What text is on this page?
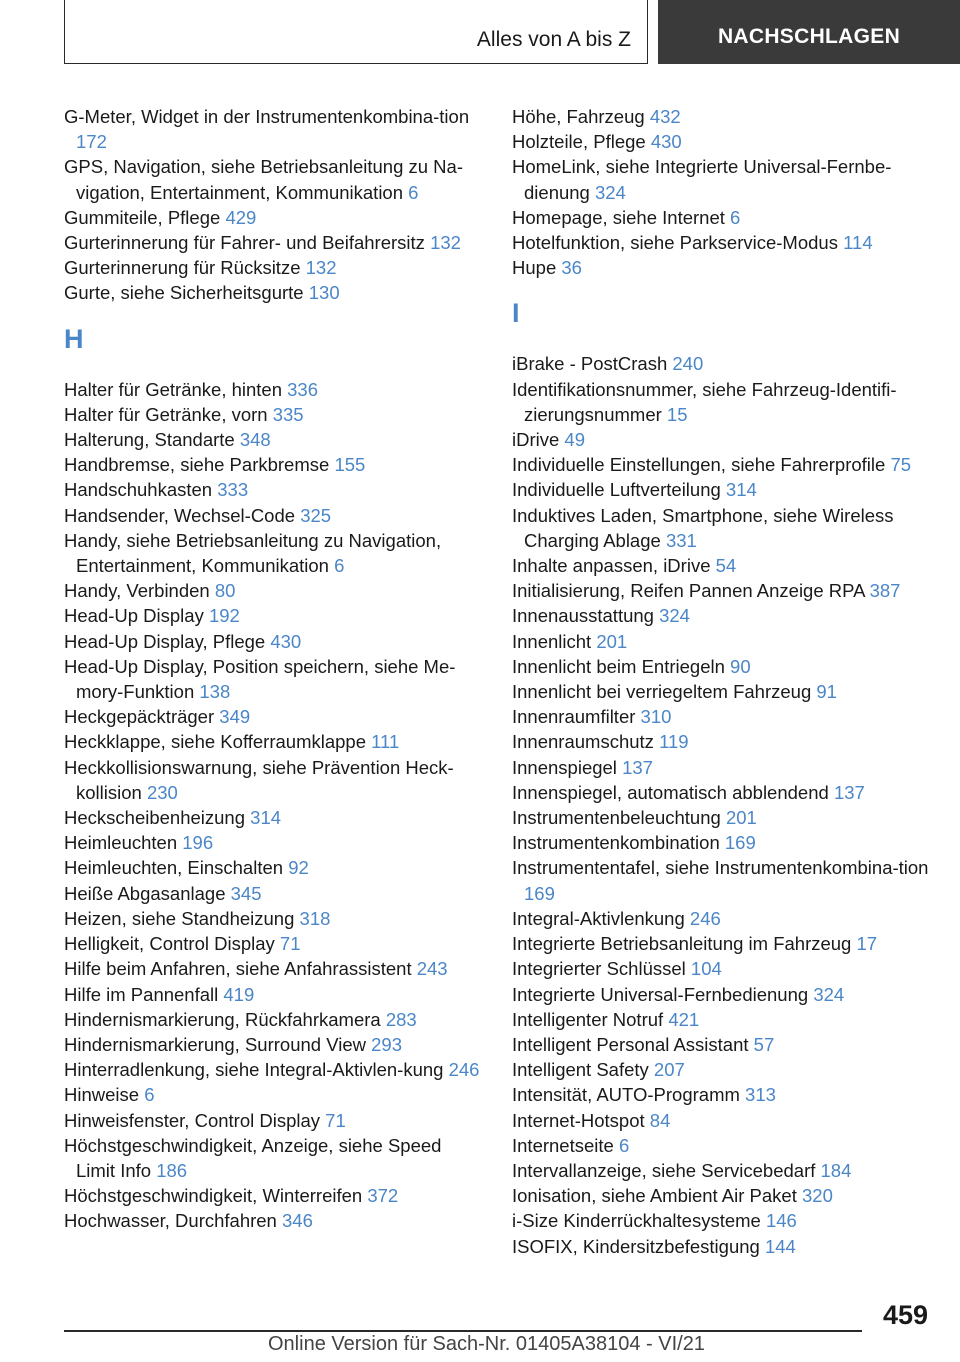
Alles von A bis Z	NACHSCHLAGEN
G-Meter, Widget in der Instrumentenkombina-tion 172
GPS, Navigation, siehe Betriebsanleitung zu Na-vigation, Entertainment, Kommunikation 6
Gummiteile, Pflege 429
Gurterinnerung für Fahrer- und Beifahrersitz 132
Gurterinnerung für Rücksitze 132
Gurte, siehe Sicherheitsgurte 130
H
Halter für Getränke, hinten 336
Halter für Getränke, vorn 335
Halterung, Standarte 348
Handbremse, siehe Parkbremse 155
Handschuhkasten 333
Handsender, Wechsel-Code 325
Handy, siehe Betriebsanleitung zu Navigation, Entertainment, Kommunikation 6
Handy, Verbinden 80
Head-Up Display 192
Head-Up Display, Pflege 430
Head-Up Display, Position speichern, siehe Me-mory-Funktion 138
Heckgepäckträger 349
Heckklappe, siehe Kofferraumklappe 111
Heckkollisionswarnung, siehe Prävention Heck-kollision 230
Heckscheibenheizung 314
Heimleuchten 196
Heimleuchten, Einschalten 92
Heiße Abgasanlage 345
Heizen, siehe Standheizung 318
Helligkeit, Control Display 71
Hilfe beim Anfahren, siehe Anfahrassistent 243
Hilfe im Pannenfall 419
Hindernismarkierung, Rückfahrkamera 283
Hindernismarkierung, Surround View 293
Hinterradlenkung, siehe Integral-Aktivlen-kung 246
Hinweise 6
Hinweisfenster, Control Display 71
Höchstgeschwindigkeit, Anzeige, siehe Speed Limit Info 186
Höchstgeschwindigkeit, Winterreifen 372
Hochwasser, Durchfahren 346
Höhe, Fahrzeug 432
Holzteile, Pflege 430
HomeLink, siehe Integrierte Universal-Fernbe-dienung 324
Homepage, siehe Internet 6
Hotelfunktion, siehe Parkservice-Modus 114
Hupe 36
I
iBrake - PostCrash 240
Identifikationsnummer, siehe Fahrzeug-Identifi-zierungsnummer 15
iDrive 49
Individuelle Einstellungen, siehe Fahrerprofile 75
Individuelle Luftverteilung 314
Induktives Laden, Smartphone, siehe Wireless Charging Ablage 331
Inhalte anpassen, iDrive 54
Initialisierung, Reifen Pannen Anzeige RPA 387
Innenausstattung 324
Innenlicht 201
Innenlicht beim Entriegeln 90
Innenlicht bei verriegeltem Fahrzeug 91
Innenraumfilter 310
Innenraumschutz 119
Innenspiegel 137
Innenspiegel, automatisch abblendend 137
Instrumentenbeleuchtung 201
Instrumentenkombination 169
Instrumententafel, siehe Instrumentenkombina-tion 169
Integral-Aktivlenkung 246
Integrierte Betriebsanleitung im Fahrzeug 17
Integrierter Schlüssel 104
Integrierte Universal-Fernbedienung 324
Intelligenter Notruf 421
Intelligent Personal Assistant 57
Intelligent Safety 207
Intensität, AUTO-Programm 313
Internet-Hotspot 84
Internetseite 6
Intervallanzeige, siehe Servicebedarf 184
Ionisation, siehe Ambient Air Paket 320
i-Size Kinderrückhaltesysteme 146
ISOFIX, Kindersitzbefestigung 144
459
Online Version für Sach-Nr. 01405A38104 - VI/21
